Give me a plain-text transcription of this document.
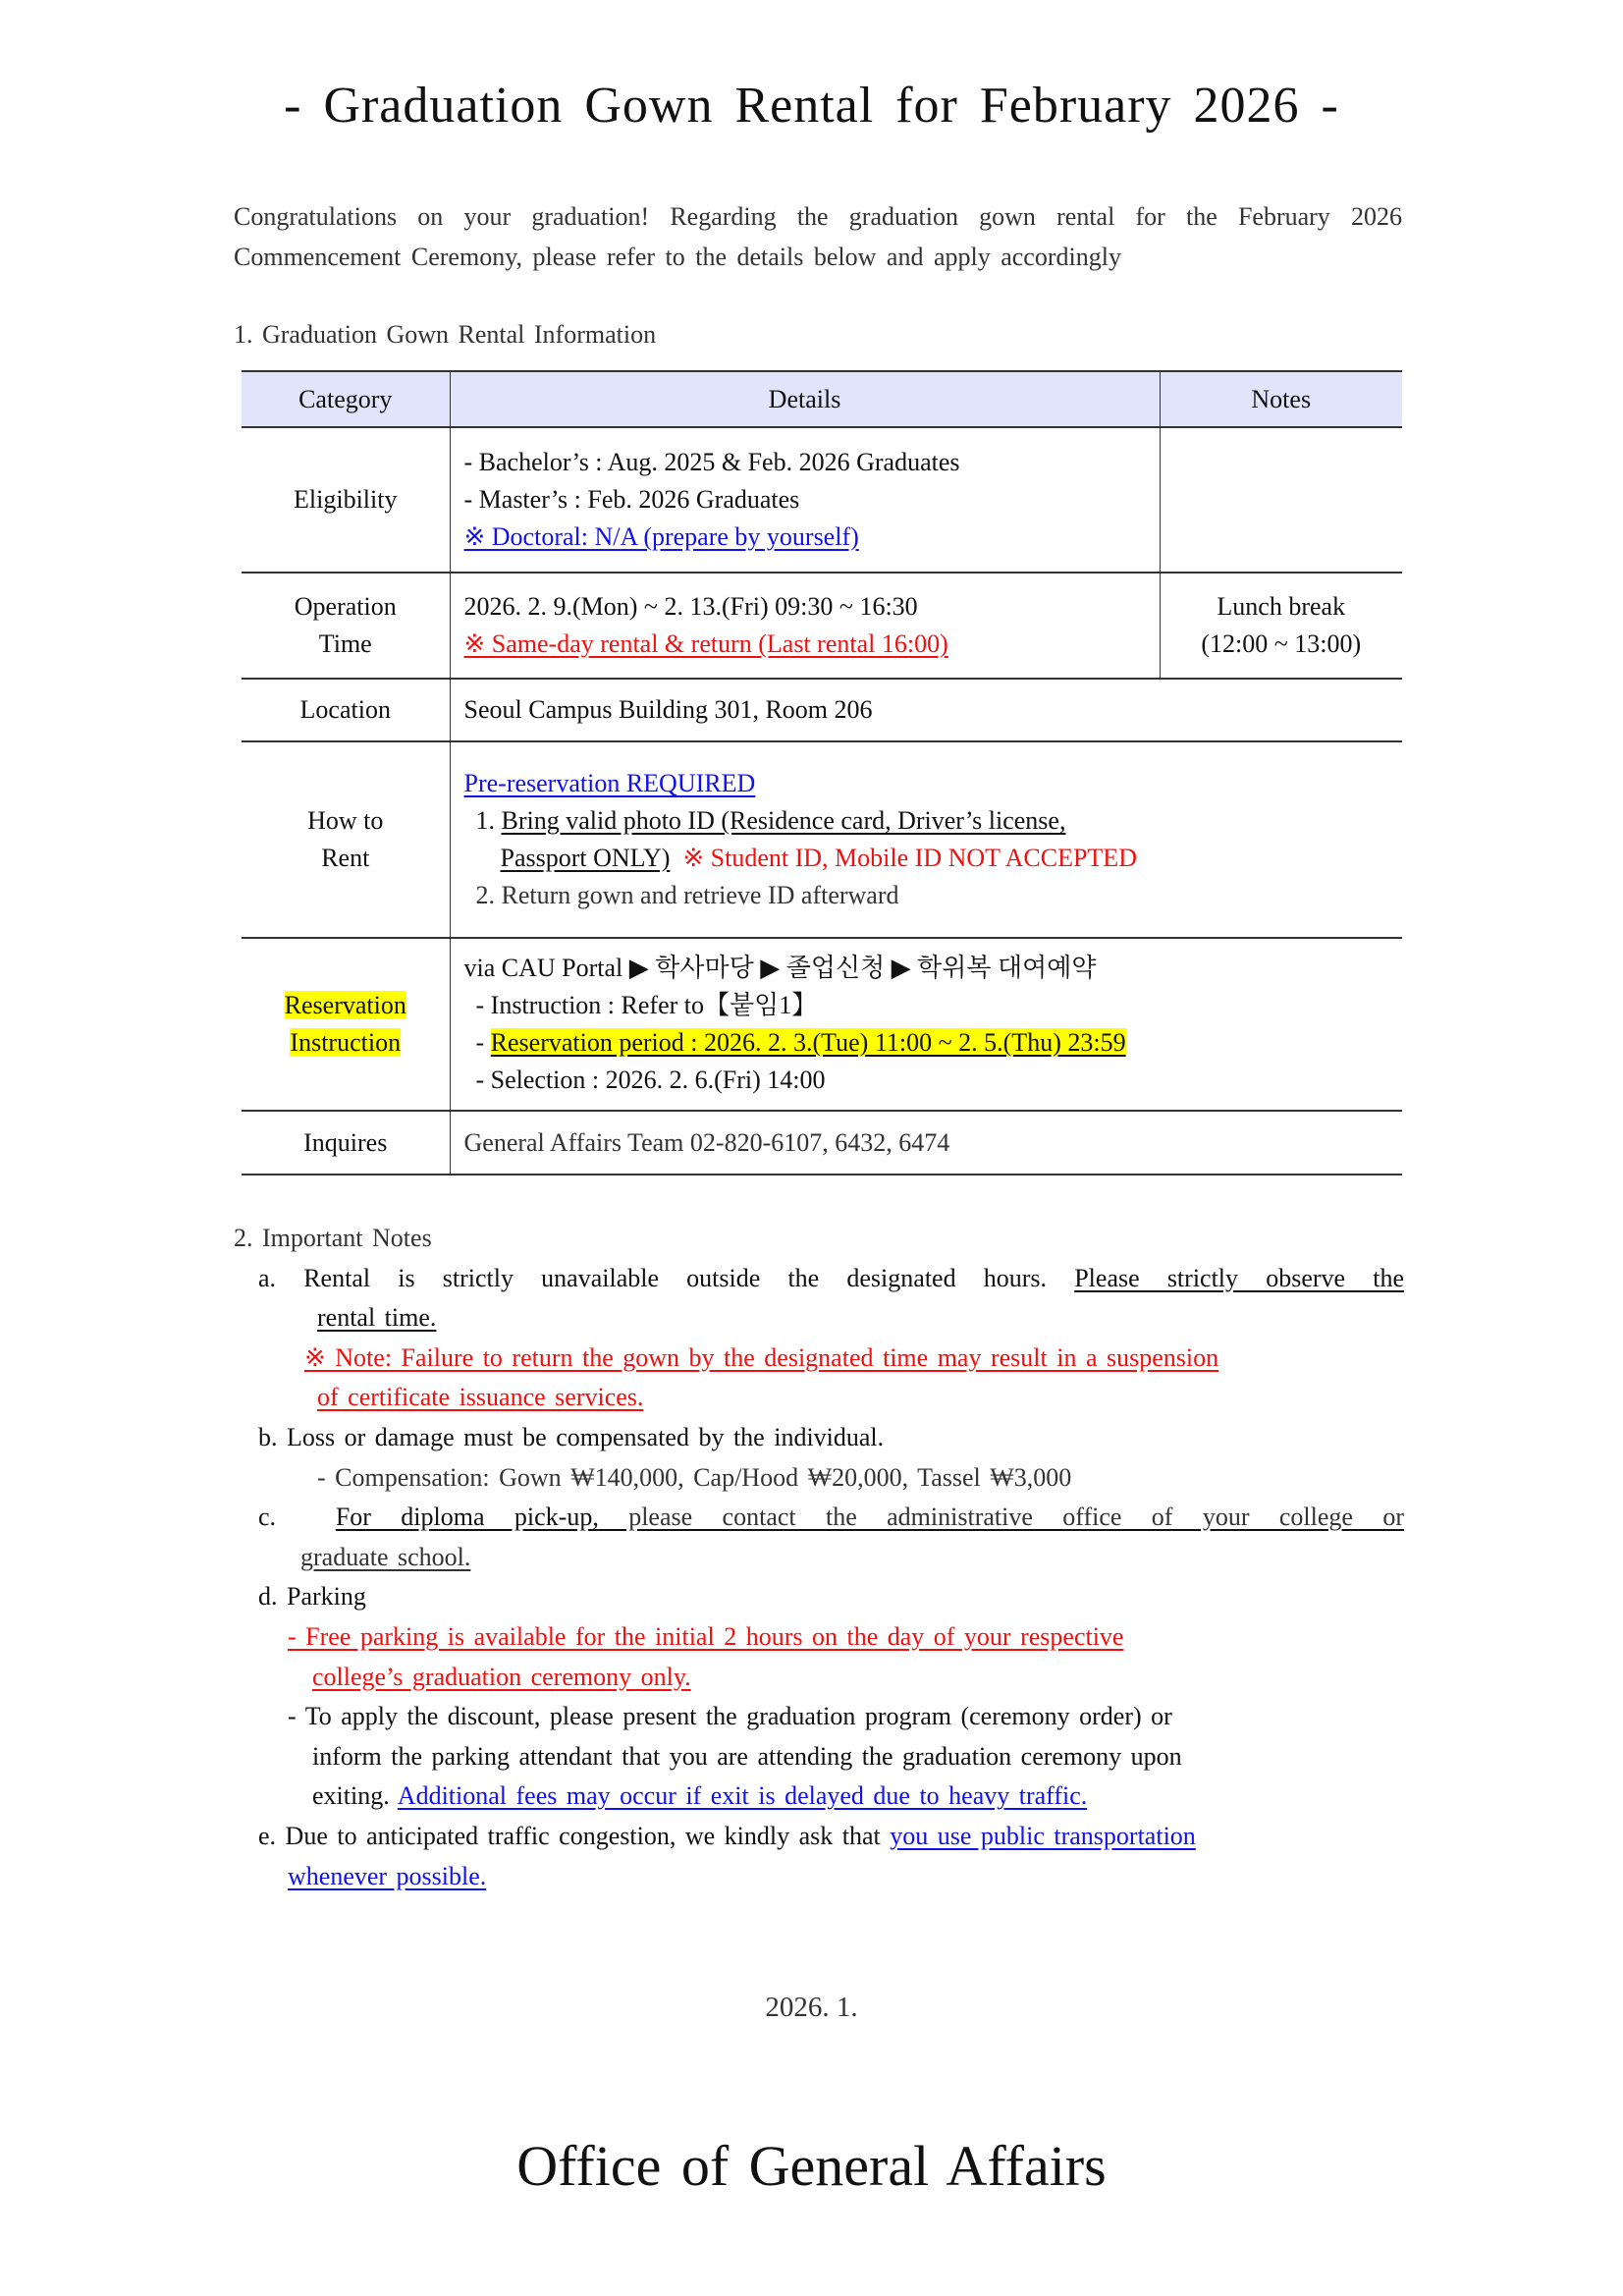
- Graduation Gown Rental for February 2026 -
Congratulations on your graduation! Regarding the graduation gown rental for the February 2026 Commencement Ceremony, please refer to the details below and apply accordingly
1. Graduation Gown Rental Information
Category	Details	Notes
Eligibility	- Bachelor’s : Aug. 2025 & Feb. 2026 Graduates
- Master’s : Feb. 2026 Graduates
※ Doctoral: N/A (prepare by yourself)	

Operation
Time	2026. 2. 9.(Mon) ~ 2. 13.(Fri) 09:30 ~ 16:30
※ Same-day rental & return (Last rental 16:00)	Lunch break
(12:00 ~ 13:00)

Location	Seoul Campus Building 301, Room 206	

How to
Rent	Pre-reservation REQUIRED
1. Bring valid photo ID (Residence card, Driver’s license,
Passport ONLY) ※ Student ID, Mobile ID NOT ACCEPTED
2. Return gown and retrieve ID afterward	

Reservation
Instruction	via CAU Portal ▶ 학사마당 ▶ 졸업신청 ▶ 학위복 대여예약
- Instruction : Refer to【붙임1】
- Reservation period : 2026. 2. 3.(Tue) 11:00 ~ 2. 5.(Thu) 23:59
- Selection : 2026. 2. 6.(Fri) 14:00	

Inquires	General Affairs Team 02-820-6107, 6432, 6474	
2. Important Notes
a. Rental is strictly unavailable outside the designated hours. Please strictly observe the
rental time.
※ Note: Failure to return the gown by the designated time may result in a suspension
of certificate issuance services.
b. Loss or damage must be compensated by the individual.
- Compensation: Gown ₩140,000, Cap/Hood ₩20,000, Tassel ₩3,000
c. For diploma pick-up, please contact the administrative office of your college or
graduate school.
d. Parking
- Free parking is available for the initial 2 hours on the day of your respective
college’s graduation ceremony only.
- To apply the discount, please present the graduation program (ceremony order) or
inform the parking attendant that you are attending the graduation ceremony upon
exiting. Additional fees may occur if exit is delayed due to heavy traffic.
e. Due to anticipated traffic congestion, we kindly ask that you use public transportation
whenever possible.
2026. 1.
Office of General Affairs
